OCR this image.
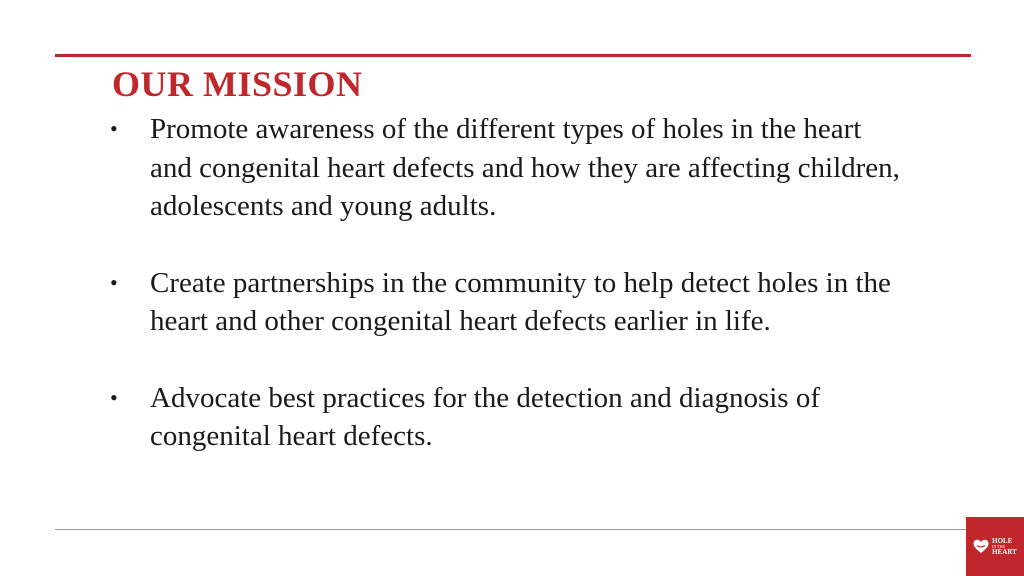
OUR MISSION
• Promote awareness of the different types of holes in the heart and congenital heart defects and how they are affecting children, adolescents and young adults.
• Create partnerships in the community to help detect holes in the heart and other congenital heart defects earlier in life.
• Advocate best practices for the detection and diagnosis of congenital heart defects.
HOLE
IN THE
HEART
